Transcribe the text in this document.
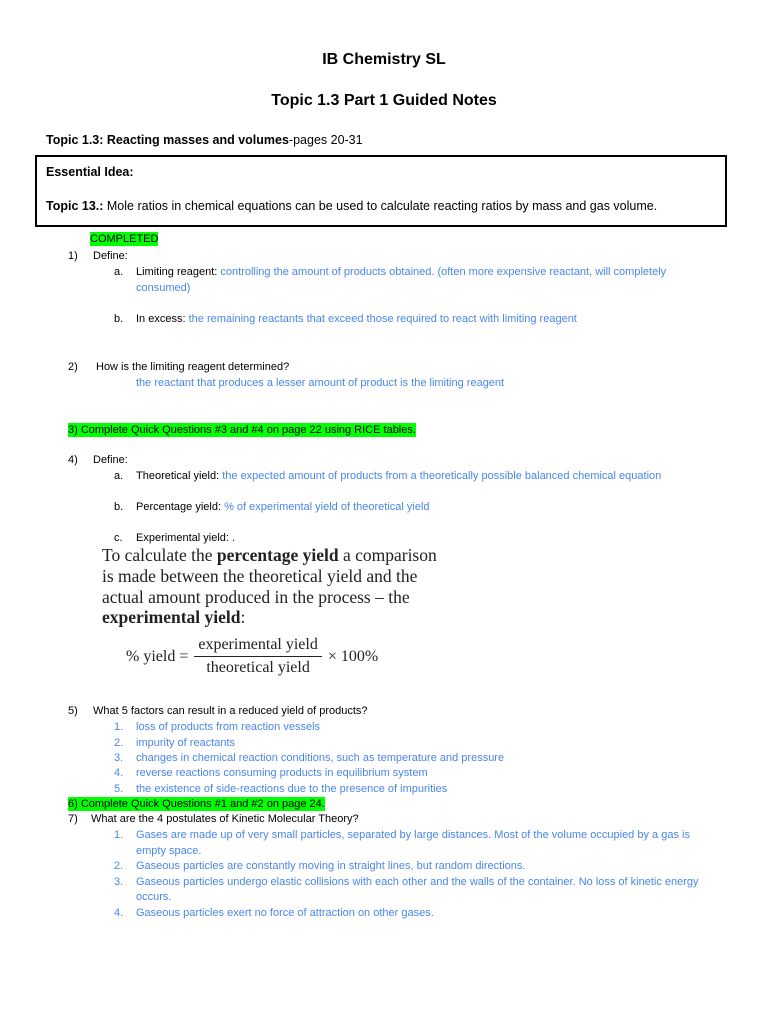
IB Chemistry SL
Topic 1.3 Part 1 Guided Notes
Topic 1.3: Reacting masses and volumes-pages 20-31
Essential Idea:
Topic 13.: Mole ratios in chemical equations can be used to calculate reacting ratios by mass and gas volume.
COMPLETED
1) Define:
a. Limiting reagent: controlling the amount of products obtained. (often more expensive reactant, will completely
consumed)
b. In excess: the remaining reactants that exceed those required to react with limiting reagent
2) How is the limiting reagent determined?
the reactant that produces a lesser amount of product is the limiting reagent
3) Complete Quick Questions #3 and #4 on page 22 using RICE tables.
4) Define:
a. Theoretical yield: the expected amount of products from a theoretically possible balanced chemical equation
b. Percentage yield: % of experimental yield of theoretical yield
c. Experimental yield: .
To calculate the percentage yield a comparison
is made between the theoretical yield and the
actual amount produced in the process – the
experimental yield:
% yield = $\frac{\text{experimental yield}}{\text{theoretical yield}} \times 100\%$
5) What 5 factors can result in a reduced yield of products?
1. loss of products from reaction vessels
2. impurity of reactants
3. changes in chemical reaction conditions, such as temperature and pressure
4. reverse reactions consuming products in equilibrium system
5. the existence of side-reactions due to the presence of impurities
6) Complete Quick Questions #1 and #2 on page 24.
7) What are the 4 postulates of Kinetic Molecular Theory?
1. Gases are made up of very small particles, separated by large distances. Most of the volume occupied by a gas is
empty space.
2. Gaseous particles are constantly moving in straight lines, but random directions.
3. Gaseous particles undergo elastic collisions with each other and the walls of the container. No loss of kinetic energy
occurs.
4. Gaseous particles exert no force of attraction on other gases.
